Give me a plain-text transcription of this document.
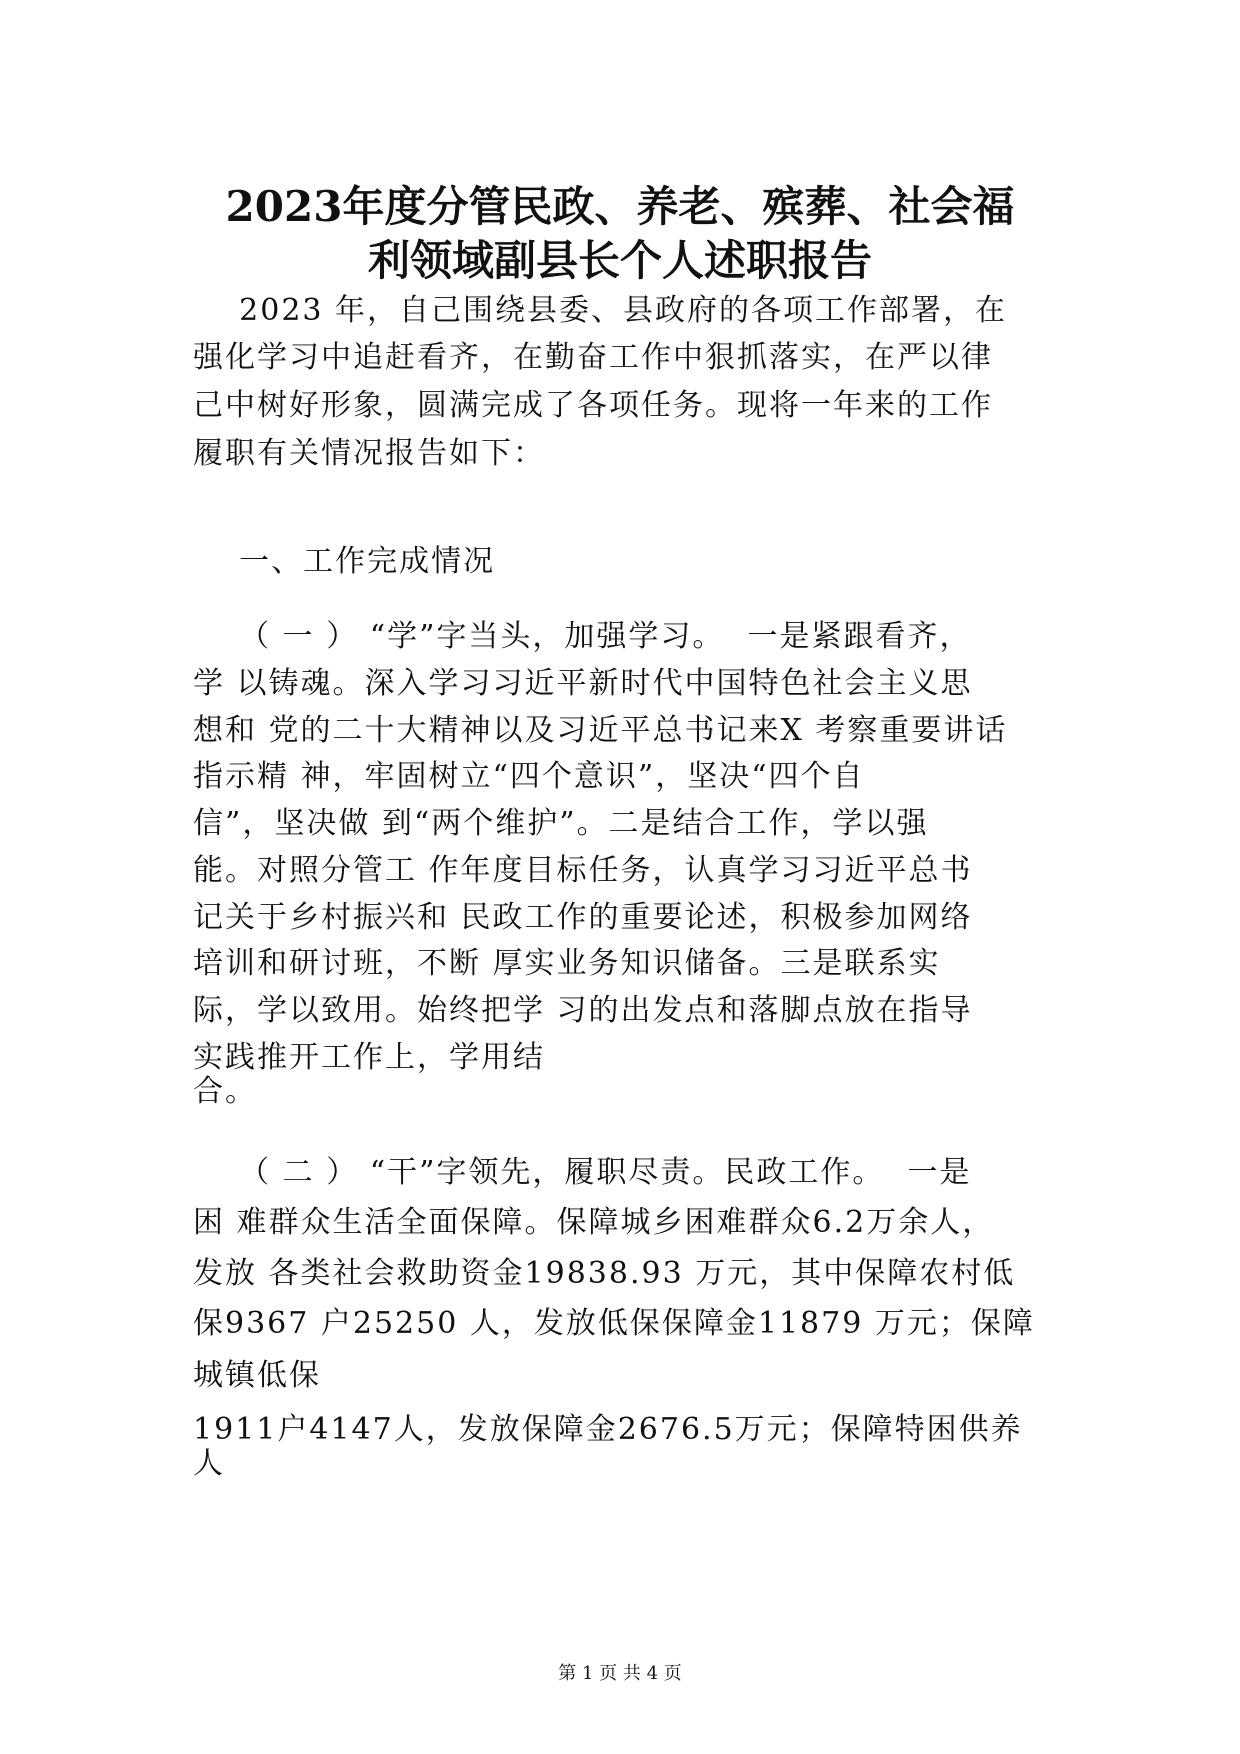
2023年度分管民政、养老、殡葬、社会福
利领域副县长个人述职报告

2023 年，自己围绕县委、县政府的各项工作部署，在

强化学习中追赶看齐，在勤奋工作中狠抓落实，在严以律

己中树好形象，圆满完成了各项任务。现将一年来的工作

履职有关情况报告如下：

一、工作完成情况

（ 一 ） “学”字当头，加强学习。  一是紧跟看齐，

学 以铸魂。深入学习习近平新时代中国特色社会主义思

想和 党的二十大精神以及习近平总书记来X 考察重要讲话

指示精 神，牢固树立“四个意识”，坚决“四个自

信”，坚决做 到“两个维护”。二是结合工作，学以强

能。对照分管工 作年度目标任务，认真学习习近平总书

记关于乡村振兴和 民政工作的重要论述，积极参加网络

培训和研讨班，不断 厚实业务知识储备。三是联系实

际，学以致用。始终把学 习的出发点和落脚点放在指导

实践推开工作上，学用结

合。

（ 二 ） “干”字领先，履职尽责。民政工作。  一是

困 难群众生活全面保障。保障城乡困难群众6.2万余人，

发放 各类社会救助资金19838.93 万元，其中保障农村低

保9367 户25250 人，发放低保保障金11879 万元；保障

城镇低保

1911户4147人，发放保障金2676.5万元；保障特困供养

人

第 1 页 共 4 页
